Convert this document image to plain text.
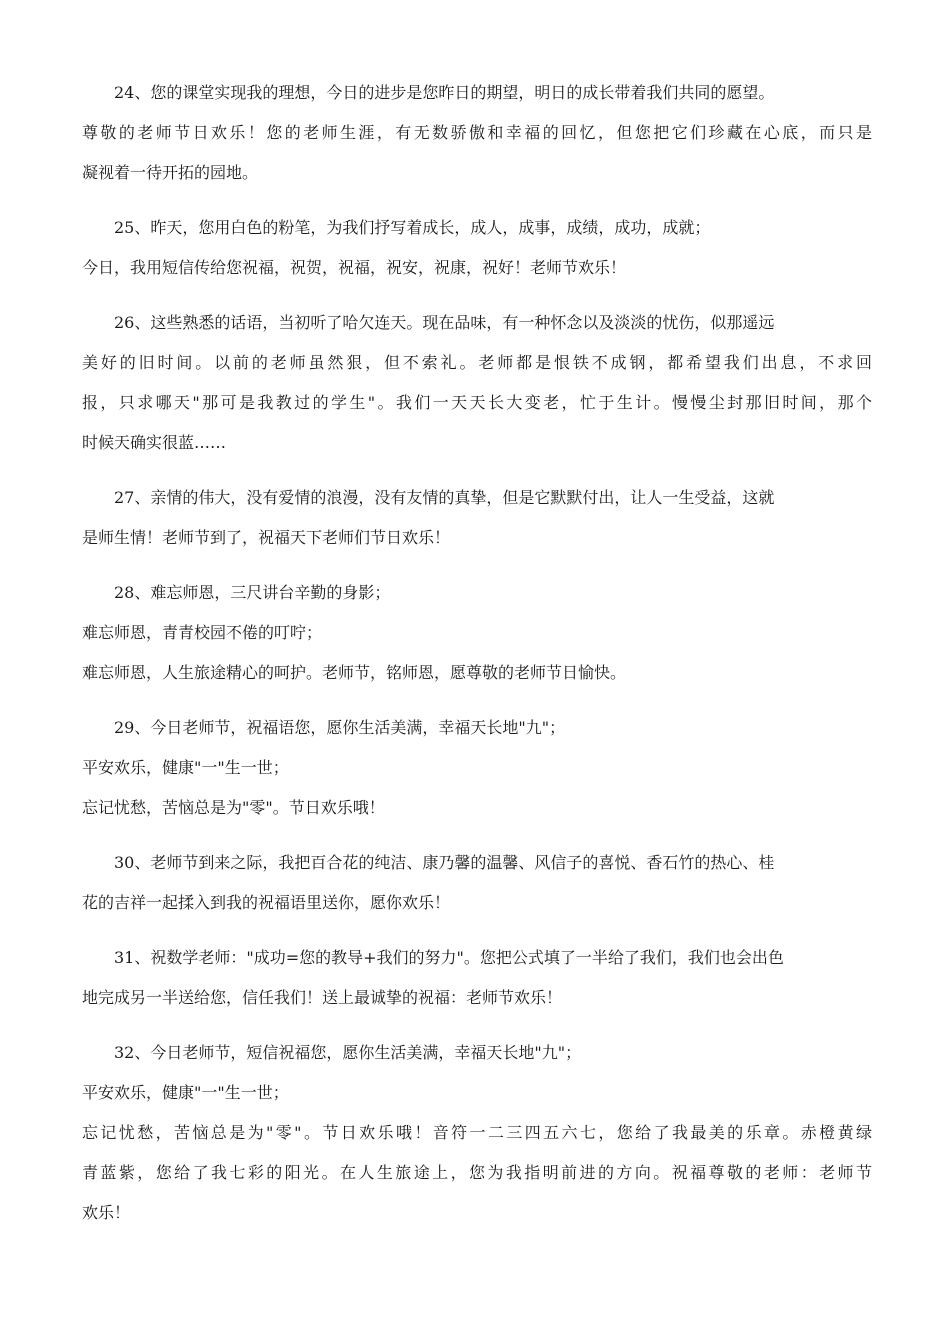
24、您的课堂实现我的理想，今日的进步是您昨日的期望，明日的成长带着我们共同的愿望。

尊敬的老师节日欢乐！您的老师生涯，有无数骄傲和幸福的回忆，但您把它们珍藏在心底，而只是

凝视着一待开拓的园地。

25、昨天，您用白色的粉笔，为我们抒写着成长，成人，成事，成绩，成功，成就；

今日，我用短信传给您祝福，祝贺，祝福，祝安，祝康，祝好！老师节欢乐！

26、这些熟悉的话语，当初听了哈欠连天。现在品味，有一种怀念以及淡淡的忧伤，似那遥远

美好的旧时间。以前的老师虽然狠，但不索礼。老师都是恨铁不成钢，都希望我们出息，不求回

报，只求哪天"那可是我教过的学生"。我们一天天长大变老，忙于生计。慢慢尘封那旧时间，那个

时候天确实很蓝……

27、亲情的伟大，没有爱情的浪漫，没有友情的真挚，但是它默默付出，让人一生受益，这就

是师生情！老师节到了，祝福天下老师们节日欢乐！

28、难忘师恩，三尺讲台辛勤的身影；

难忘师恩，青青校园不倦的叮咛；

难忘师恩，人生旅途精心的呵护。老师节，铭师恩，愿尊敬的老师节日愉快。

29、今日老师节，祝福语您，愿你生活美满，幸福天长地"九"；

平安欢乐，健康"一"生一世；

忘记忧愁，苦恼总是为"零"。节日欢乐哦！

30、老师节到来之际，我把百合花的纯洁、康乃馨的温馨、风信子的喜悦、香石竹的热心、桂

花的吉祥一起揉入到我的祝福语里送你，愿你欢乐！

31、祝数学老师："成功=您的教导+我们的努力"。您把公式填了一半给了我们，我们也会出色

地完成另一半送给您，信任我们！送上最诚挚的祝福：老师节欢乐！

32、今日老师节，短信祝福您，愿你生活美满，幸福天长地"九"；

平安欢乐，健康"一"生一世；

忘记忧愁，苦恼总是为"零"。节日欢乐哦！音符一二三四五六七，您给了我最美的乐章。赤橙黄绿

青蓝紫，您给了我七彩的阳光。在人生旅途上，您为我指明前进的方向。祝福尊敬的老师：老师节

欢乐！
